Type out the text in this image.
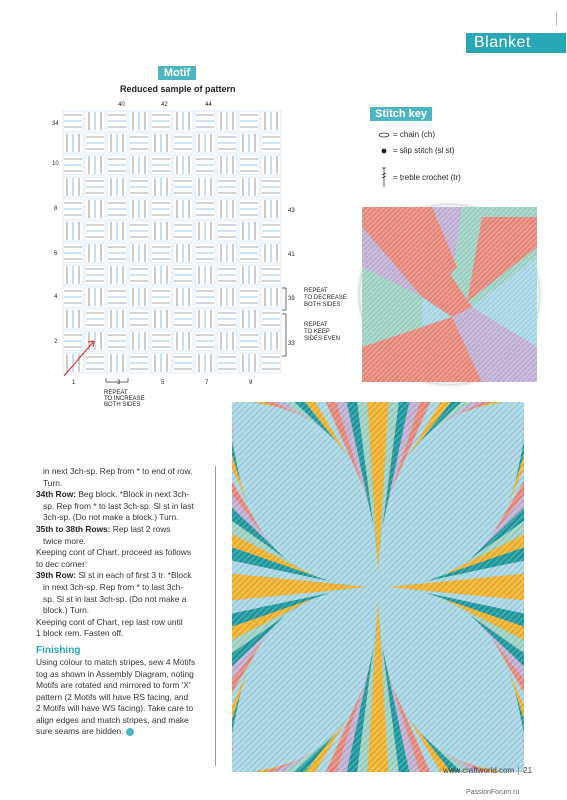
Blanket
Motif
Reduced sample of pattern
40	42	44
34
10
8
6
4
2
43
41
39
33
1	3	5	7	9
REPEAT
TO DECREASE
BOTH SIDES
REPEAT
TO KEEP
SIDES EVEN
REPEAT
TO INCREASE
BOTH SIDES
Stitch key
= chain (ch)
= slip stitch (sl st)
= treble crochet (tr)

in next 3ch-sp. Rep from * to end of row.

Turn.

34th Row: Beg block. *Block in next 3ch-

sp. Rep from * to last 3ch-sp. Sl st in last

3ch-sp. (Do not make a block.) Turn.

35th to 38th Rows: Rep last 2 rows

twice more.

Keeping cont of Chart, proceed as follows

to dec corner:

39th Row: Sl st in each of first 3 tr. *Block

in next 3ch-sp. Rep from * to last 3ch-

sp. Sl st in last 3ch-sp. (Do not make a

block.) Turn.

Keeping cont of Chart, rep last row until

1 block rem. Fasten off.

Finishing

Using colour to match stripes, sew 4 Motifs

tog as shown in Assembly Diagram, noting

Motifs are rotated and mirrored to form 'X'

pattern (2 Motifs will have RS facing, and

2 Motifs will have WS facing). Take care to

align edges and match stripes, and make

sure seams are hidden.

www.craftworld.com 21
PassionForum.ru
